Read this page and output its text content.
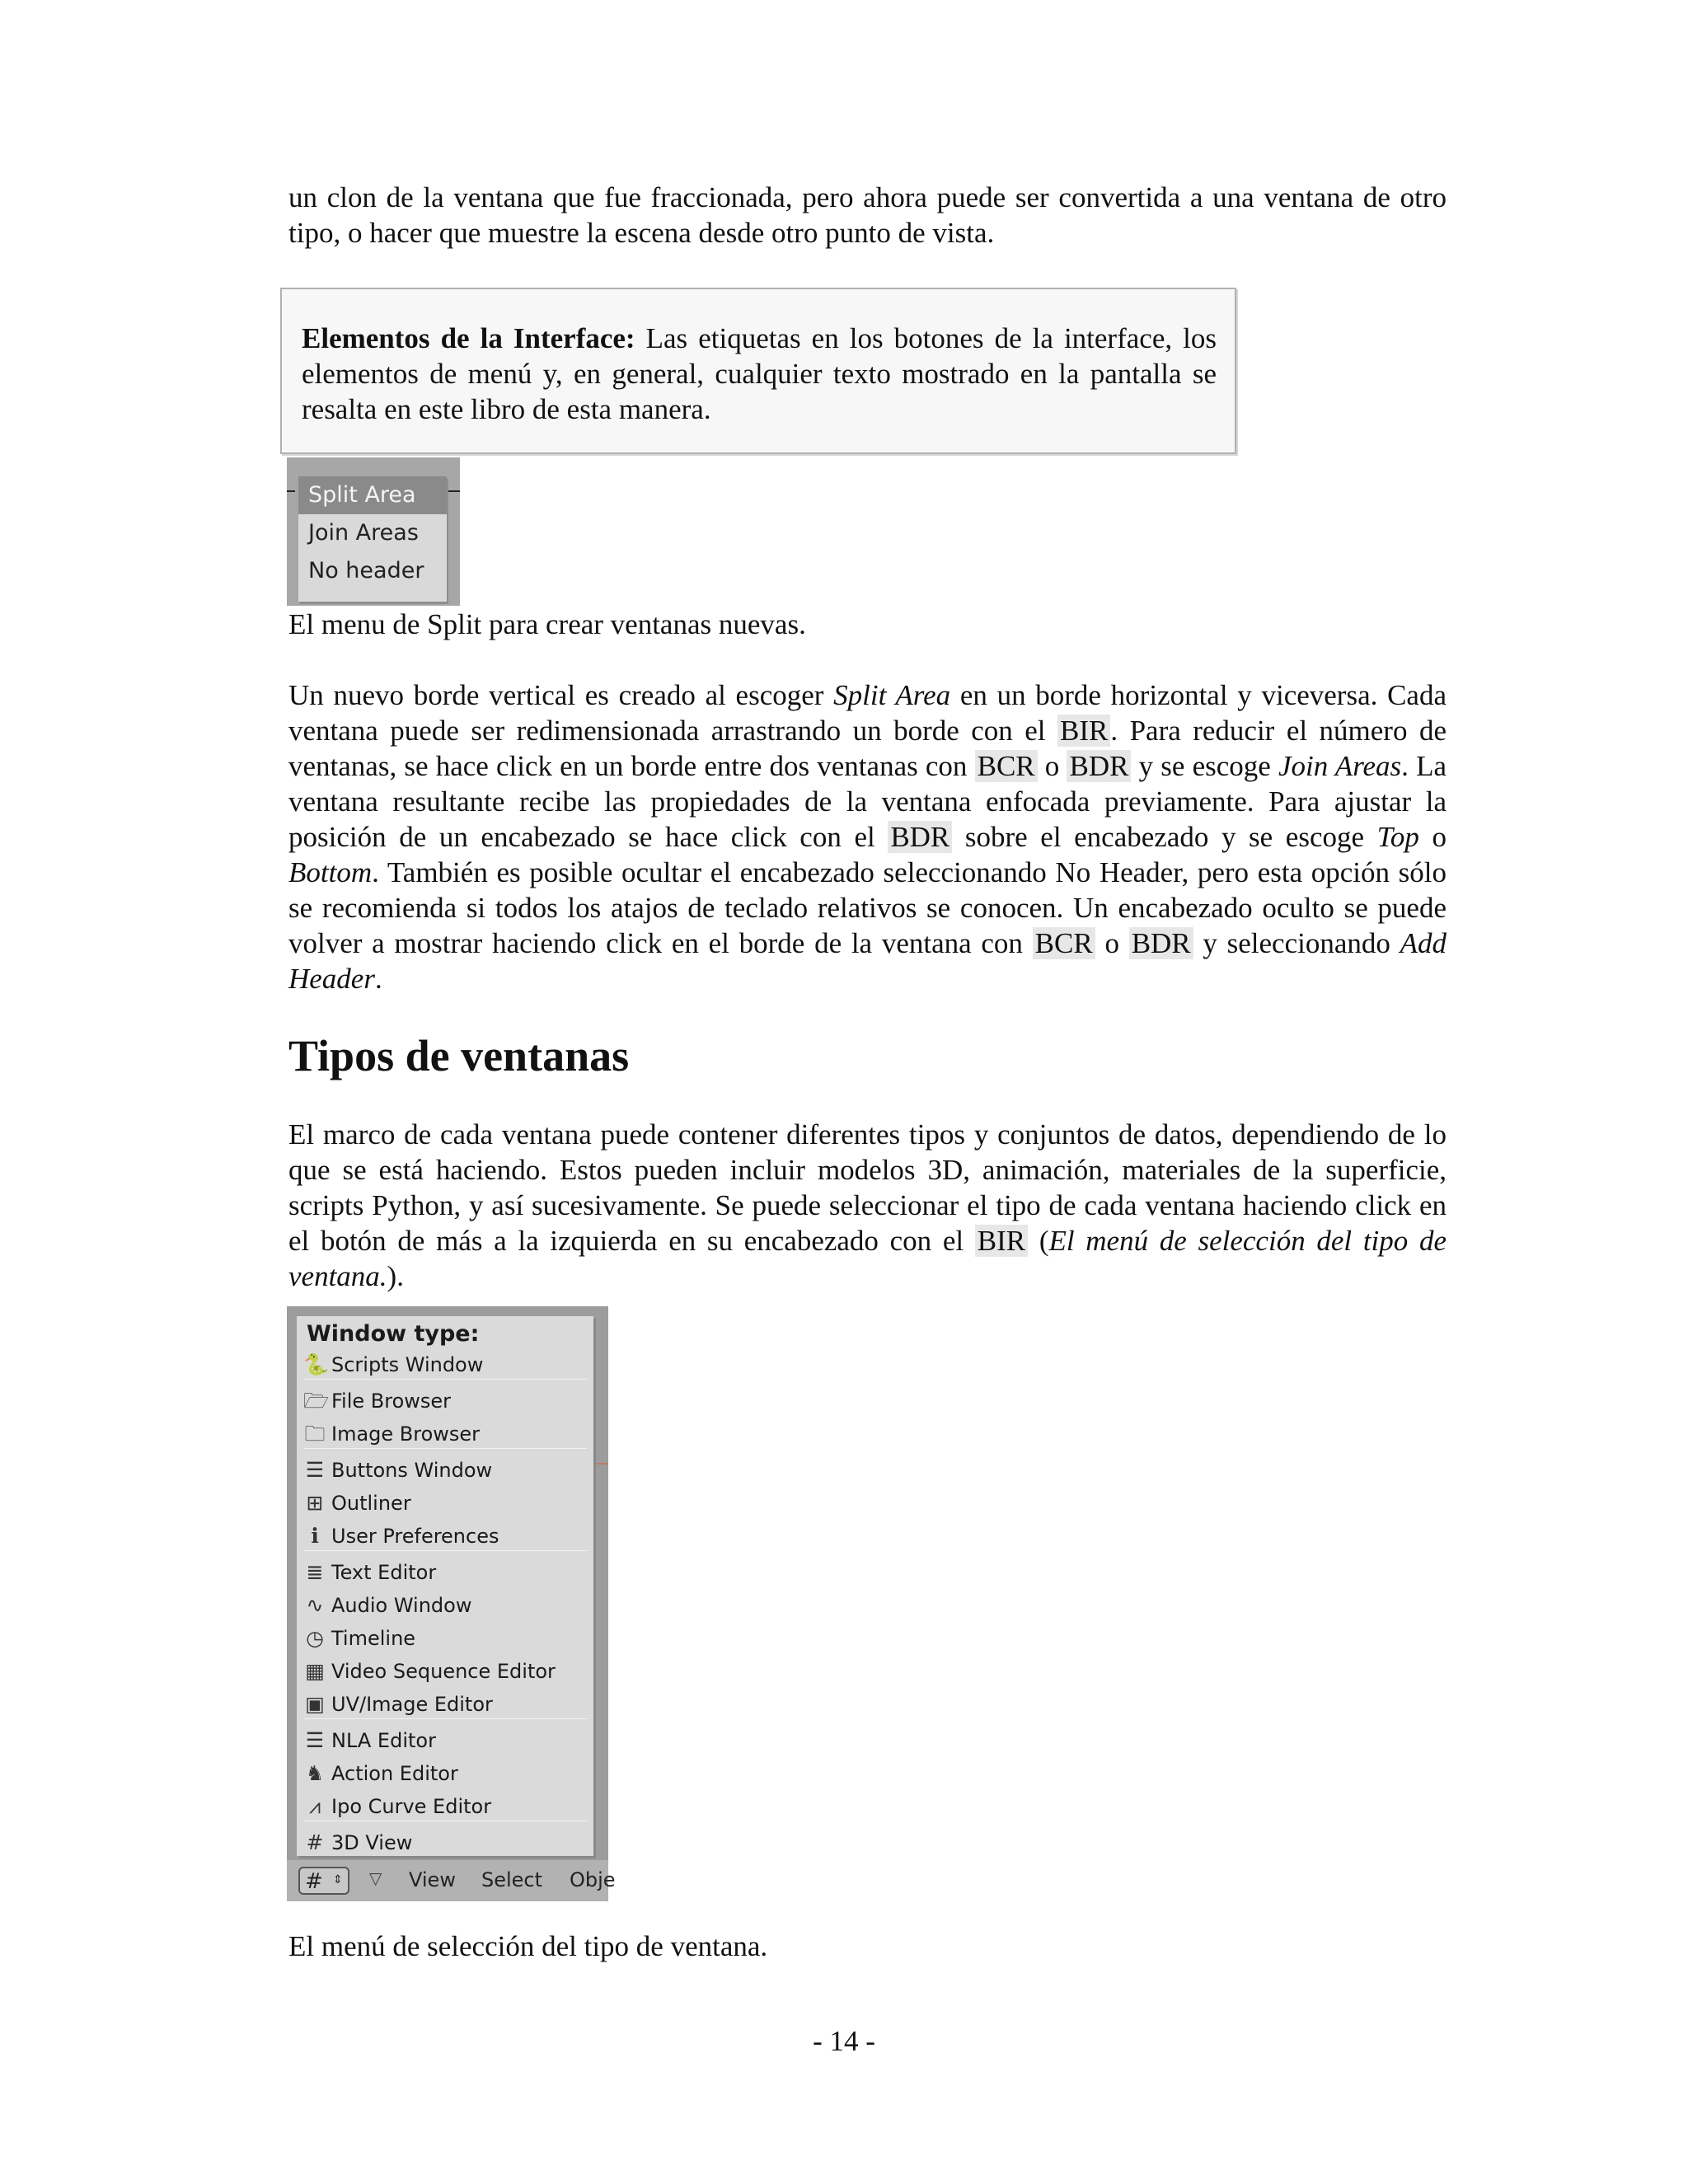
un clon de la ventana que fue fraccionada, pero ahora puede ser convertida a una ventana de otro tipo, o hacer que muestre la escena desde otro punto de vista.

Elementos de la Interface: Las etiquetas en los botones de la interface, los elementos de menú y, en general, cualquier texto mostrado en la pantalla se resalta en este libro de esta manera.

Split Area
Join Areas
No header

El menu de Split para crear ventanas nuevas.

Un nuevo borde vertical es creado al escoger Split Area en un borde horizontal y viceversa. Cada ventana puede ser redimensionada arrastrando un borde con el BIR. Para reducir el número de ventanas, se hace click en un borde entre dos ventanas con BCR o BDR y se escoge Join Areas. La ventana resultante recibe las propiedades de la ventana enfocada previamente. Para ajustar la posición de un encabezado se hace click con el BDR sobre el encabezado y se escoge Top o Bottom. También es posible ocultar el encabezado seleccionando No Header, pero esta opción sólo se recomienda si todos los atajos de teclado relativos se conocen. Un encabezado oculto se puede volver a mostrar haciendo click en el borde de la ventana con BCR o BDR y seleccionando Add Header.

Tipos de ventanas

El marco de cada ventana puede contener diferentes tipos y conjuntos de datos, dependiendo de lo que se está haciendo. Estos pueden incluir modelos 3D, animación, materiales de la superficie, scripts Python, y así sucesivamente. Se puede seleccionar el tipo de cada ventana haciendo click en el botón de más a la izquierda en su encabezado con el BIR (El menú de selección del tipo de ventana.).

Window type:
🐍 Scripts Window
🗁 File Browser
🗀 Image Browser
☰ Buttons Window
⊞ Outliner
ℹ User Preferences
≣ Text Editor
∿ Audio Window
◷ Timeline
▦ Video Sequence Editor
▣ UV/Image Editor
☰ NLA Editor
♞ Action Editor
⩘ Ipo Curve Editor
# 3D View
# ⇕ ▽ View Select Obje

El menú de selección del tipo de ventana.

- 14 -
